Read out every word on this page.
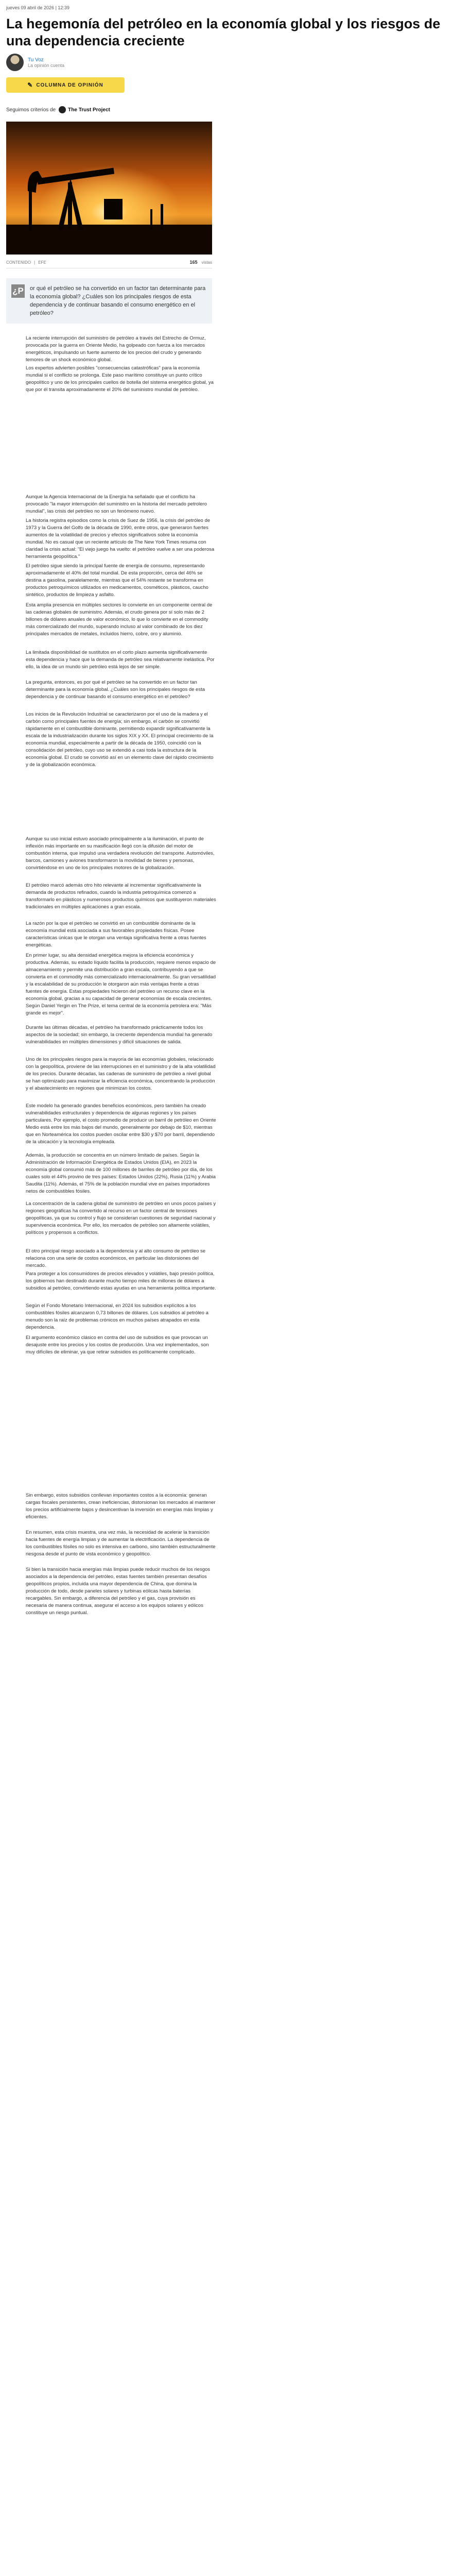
jueves 09 abril de 2026 | 12:39
La hegemonía del petróleo en la economía global y los riesgos de una dependencia creciente
Tu Voz
La opinión cuenta
✎ COLUMNA DE OPINIÓN
Seguimos criterios de The Trust Project
CONTENIDO | EFE	165 vistas
¿P or qué el petróleo se ha convertido en un factor tan determinante para la economía global? ¿Cuáles son los principales riesgos de esta dependencia y de continuar basando el consumo energético en el petróleo?

La reciente interrupción del suministro de petróleo a través del Estrecho de Ormuz, provocada por la guerra en Oriente Medio, ha golpeado con fuerza a los mercados energéticos, impulsando un fuerte aumento de los precios del crudo y generando temores de un shock económico global.

Los expertos advierten posibles "consecuencias catastróficas" para la economía mundial si el conflicto se prolonga. Este paso marítimo constituye un punto crítico geopolítico y uno de los principales cuellos de botella del sistema energético global, ya que por él transita aproximadamente el 20% del suministro mundial de petróleo.

Aunque la Agencia Internacional de la Energía ha señalado que el conflicto ha provocado "la mayor interrupción del suministro en la historia del mercado petrolero mundial", las crisis del petróleo no son un fenómeno nuevo.

La historia registra episodios como la crisis de Suez de 1956, la crisis del petróleo de 1973 y la Guerra del Golfo de la década de 1990, entre otros, que generaron fuertes aumentos de la volatilidad de precios y efectos significativos sobre la economía mundial. No es casual que un reciente artículo de The New York Times resuma con claridad la crisis actual: "El viejo juego ha vuelto: el petróleo vuelve a ser una poderosa herramienta geopolítica."

El petróleo sigue siendo la principal fuente de energía de consumo, representando aproximadamente el 40% del total mundial. De esta proporción, cerca del 46% se destina a gasolina, paralelamente, mientras que el 54% restante se transforma en productos petroquímicos utilizados en medicamentos, cosméticos, plásticos, caucho sintético, productos de limpieza y asfalto.

Esta amplia presencia en múltiples sectores lo convierte en un componente central de las cadenas globales de suministro. Además, el crudo genera por sí solo más de 2 billones de dólares anuales de valor económico, lo que lo convierte en el commodity más comercializado del mundo, superando incluso al valor combinado de los diez principales mercados de metales, incluidos hierro, cobre, oro y aluminio.

La limitada disponibilidad de sustitutos en el corto plazo aumenta significativamente esta dependencia y hace que la demanda de petróleo sea relativamente inelástica. Por ello, la idea de un mundo sin petróleo está lejos de ser simple.

La pregunta, entonces, es por qué el petróleo se ha convertido en un factor tan determinante para la economía global. ¿Cuáles son los principales riesgos de esta dependencia y de continuar basando el consumo energético en el petróleo?

Los inicios de la Revolución Industrial se caracterizaron por el uso de la madera y el carbón como principales fuentes de energía; sin embargo, el carbón se convirtió rápidamente en el combustible dominante, permitiendo expandir significativamente la escala de la industrialización durante los siglos XIX y XX. El principal crecimiento de la economía mundial, especialmente a partir de la década de 1950, coincidió con la consolidación del petróleo, cuyo uso se extendió a casi toda la estructura de la economía global. El crudo se convirtió así en un elemento clave del rápido crecimiento y de la globalización económica.

Aunque su uso inicial estuvo asociado principalmente a la iluminación, el punto de inflexión más importante en su masificación llegó con la difusión del motor de combustión interna, que impulsó una verdadera revolución del transporte. Automóviles, barcos, camiones y aviones transformaron la movilidad de bienes y personas, convirtiéndose en uno de los principales motores de la globalización.

El petróleo marcó además otro hito relevante al incrementar significativamente la demanda de productos refinados, cuando la industria petroquímica comenzó a transformarlo en plásticos y numerosos productos químicos que sustituyeron materiales tradicionales en múltiples aplicaciones a gran escala.

La razón por la que el petróleo se convirtió en un combustible dominante de la economía mundial está asociada a sus favorables propiedades físicas. Posee características únicas que le otorgan una ventaja significativa frente a otras fuentes energéticas.

En primer lugar, su alta densidad energética mejora la eficiencia económica y productiva. Además, su estado líquido facilita la producción, requiere menos espacio de almacenamiento y permite una distribución a gran escala, contribuyendo a que se convierta en el commodity más comercializado internacionalmente. Su gran versatilidad y la escalabilidad de su producción le otorgaron aún más ventajas frente a otras fuentes de energía. Estas propiedades hicieron del petróleo un recurso clave en la economía global, gracias a su capacidad de generar economías de escala crecientes. Según Daniel Yergin en The Prize, el tema central de la economía petrolera era: "Más grande es mejor".

Durante las últimas décadas, el petróleo ha transformado prácticamente todos los aspectos de la sociedad; sin embargo, la creciente dependencia mundial ha generado vulnerabilidades en múltiples dimensiones y difícil situaciones de salida.

Uno de los principales riesgos para la mayoría de las economías globales, relacionado con la geopolítica, proviene de las interrupciones en el suministro y de la alta volatilidad de los precios. Durante décadas, las cadenas de suministro de petróleo a nivel global se han optimizado para maximizar la eficiencia económica, concentrando la producción y el abastecimiento en regiones que minimizan los costos.

Este modelo ha generado grandes beneficios económicos, pero también ha creado vulnerabilidades estructurales y dependencia de algunas regiones y los países particulares. Por ejemplo, el costo promedio de producir un barril de petróleo en Oriente Medio está entre los más bajos del mundo, generalmente por debajo de $10, mientras que en Norteamérica los costos pueden oscilar entre $30 y $70 por barril, dependiendo de la ubicación y la tecnología empleada.

Además, la producción se concentra en un número limitado de países. Según la Administración de Información Energética de Estados Unidos (EIA), en 2023 la economía global consumió más de 100 millones de barriles de petróleo por día, de los cuales solo el 44% provino de tres países: Estados Unidos (22%), Rusia (11%) y Arabia Saudita (11%). Además, el 75% de la población mundial vive en países importadores netos de combustibles fósiles.

La concentración de la cadena global de suministro de petróleo en unos pocos países y regiones geográficas ha convertido al recurso en un factor central de tensiones geopolíticas, ya que su control y flujo se consideran cuestiones de seguridad nacional y supervivencia económica. Por ello, los mercados de petróleo son altamente volátiles, políticos y propensos a conflictos.

El otro principal riesgo asociado a la dependencia y al alto consumo de petróleo se relaciona con una serie de costos económicos, en particular las distorsiones del mercado.

Para proteger a los consumidores de precios elevados y volátiles, bajo presión política, los gobiernos han destinado durante mucho tiempo miles de millones de dólares a subsidios al petróleo, convirtiendo estas ayudas en una herramienta política importante.

Según el Fondo Monetario Internacional, en 2024 los subsidios explícitos a los combustibles fósiles alcanzaron 0,73 billones de dólares. Los subsidios al petróleo a menudo son la raíz de problemas crónicos en muchos países atrapados en esta dependencia.

El argumento económico clásico en contra del uso de subsidios es que provocan un desajuste entre los precios y los costos de producción. Una vez implementados, son muy difíciles de eliminar, ya que retirar subsidios es políticamente complicado.

Sin embargo, estos subsidios conllevan importantes costos a la economía: generan cargas fiscales persistentes, crean ineficiencias, distorsionan los mercados al mantener los precios artificialmente bajos y desincentivan la inversión en energías más limpias y eficientes.

En resumen, esta crisis muestra, una vez más, la necesidad de acelerar la transición hacia fuentes de energía limpias y de aumentar la electrificación. La dependencia de los combustibles fósiles no solo es intensiva en carbono, sino también estructuralmente riesgosa desde el punto de vista económico y geopolítico.

Si bien la transición hacia energías más limpias puede reducir muchos de los riesgos asociados a la dependencia del petróleo, estas fuentes también presentan desafíos geopolíticos propios, incluida una mayor dependencia de China, que domina la producción de todo, desde paneles solares y turbinas eólicas hasta baterías recargables. Sin embargo, a diferencia del petróleo y el gas, cuya provisión es necesaria de manera continua, asegurar el acceso a los equipos solares y eólicos constituye un riesgo puntual.
